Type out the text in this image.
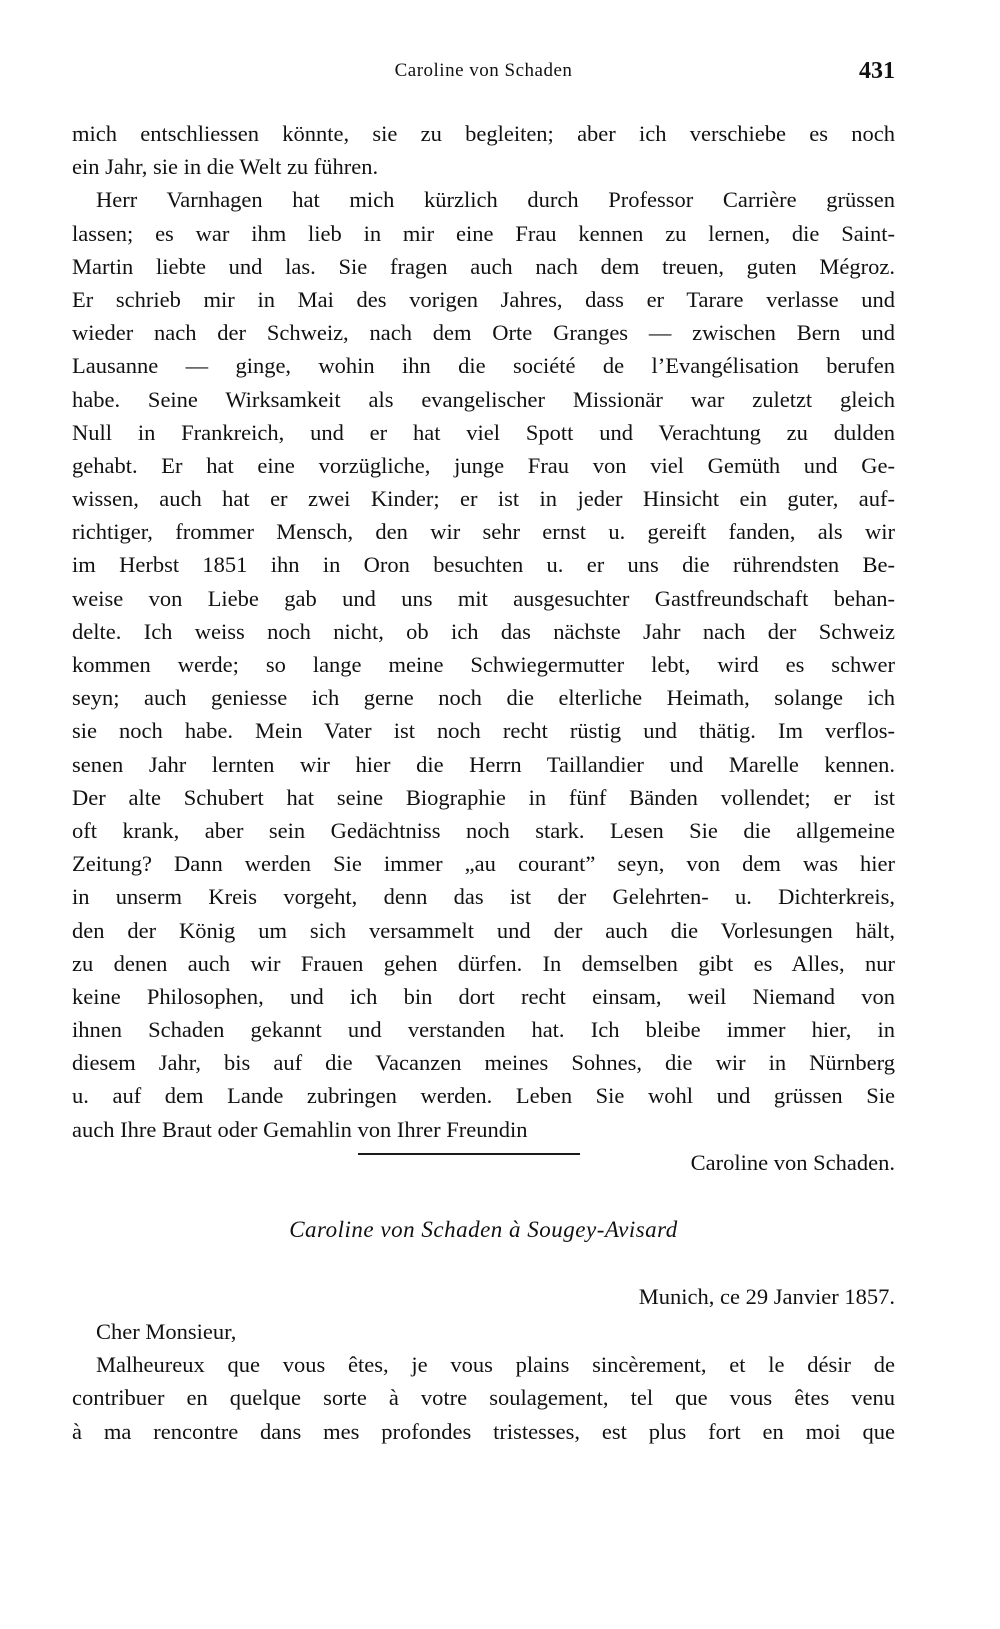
Caroline von Schaden	431
mich entschliessen könnte, sie zu begleiten; aber ich verschiebe es noch
ein Jahr, sie in die Welt zu führen.
Herr Varnhagen hat mich kürzlich durch Professor Carrière grüssen
lassen; es war ihm lieb in mir eine Frau kennen zu lernen, die Saint-
Martin liebte und las. Sie fragen auch nach dem treuen, guten Mégroz.
Er schrieb mir in Mai des vorigen Jahres, dass er Tarare verlasse und
wieder nach der Schweiz, nach dem Orte Granges — zwischen Bern und
Lausanne — ginge, wohin ihn die société de l’Evangélisation berufen
habe. Seine Wirksamkeit als evangelischer Missionär war zuletzt gleich
Null in Frankreich, und er hat viel Spott und Verachtung zu dulden
gehabt. Er hat eine vorzügliche, junge Frau von viel Gemüth und Ge-
wissen, auch hat er zwei Kinder; er ist in jeder Hinsicht ein guter, auf-
richtiger, frommer Mensch, den wir sehr ernst u. gereift fanden, als wir
im Herbst 1851 ihn in Oron besuchten u. er uns die rührendsten Be-
weise von Liebe gab und uns mit ausgesuchter Gastfreundschaft behan-
delte. Ich weiss noch nicht, ob ich das nächste Jahr nach der Schweiz
kommen werde; so lange meine Schwiegermutter lebt, wird es schwer
seyn; auch geniesse ich gerne noch die elterliche Heimath, solange ich
sie noch habe. Mein Vater ist noch recht rüstig und thätig. Im verflos-
senen Jahr lernten wir hier die Herrn Taillandier und Marelle kennen.
Der alte Schubert hat seine Biographie in fünf Bänden vollendet; er ist
oft krank, aber sein Gedächtniss noch stark. Lesen Sie die allgemeine
Zeitung? Dann werden Sie immer „au courant” seyn, von dem was hier
in unserm Kreis vorgeht, denn das ist der Gelehrten- u. Dichterkreis,
den der König um sich versammelt und der auch die Vorlesungen hält,
zu denen auch wir Frauen gehen dürfen. In demselben gibt es Alles, nur
keine Philosophen, und ich bin dort recht einsam, weil Niemand von
ihnen Schaden gekannt und verstanden hat. Ich bleibe immer hier, in
diesem Jahr, bis auf die Vacanzen meines Sohnes, die wir in Nürnberg
u. auf dem Lande zubringen werden. Leben Sie wohl und grüssen Sie
auch Ihre Braut oder Gemahlin von Ihrer Freundin
Caroline von Schaden.
Caroline von Schaden à Sougey-Avisard
Munich, ce 29 Janvier 1857.
Cher Monsieur,
Malheureux que vous êtes, je vous plains sincèrement, et le désir de
contribuer en quelque sorte à votre soulagement, tel que vous êtes venu
à ma rencontre dans mes profondes tristesses, est plus fort en moi que
